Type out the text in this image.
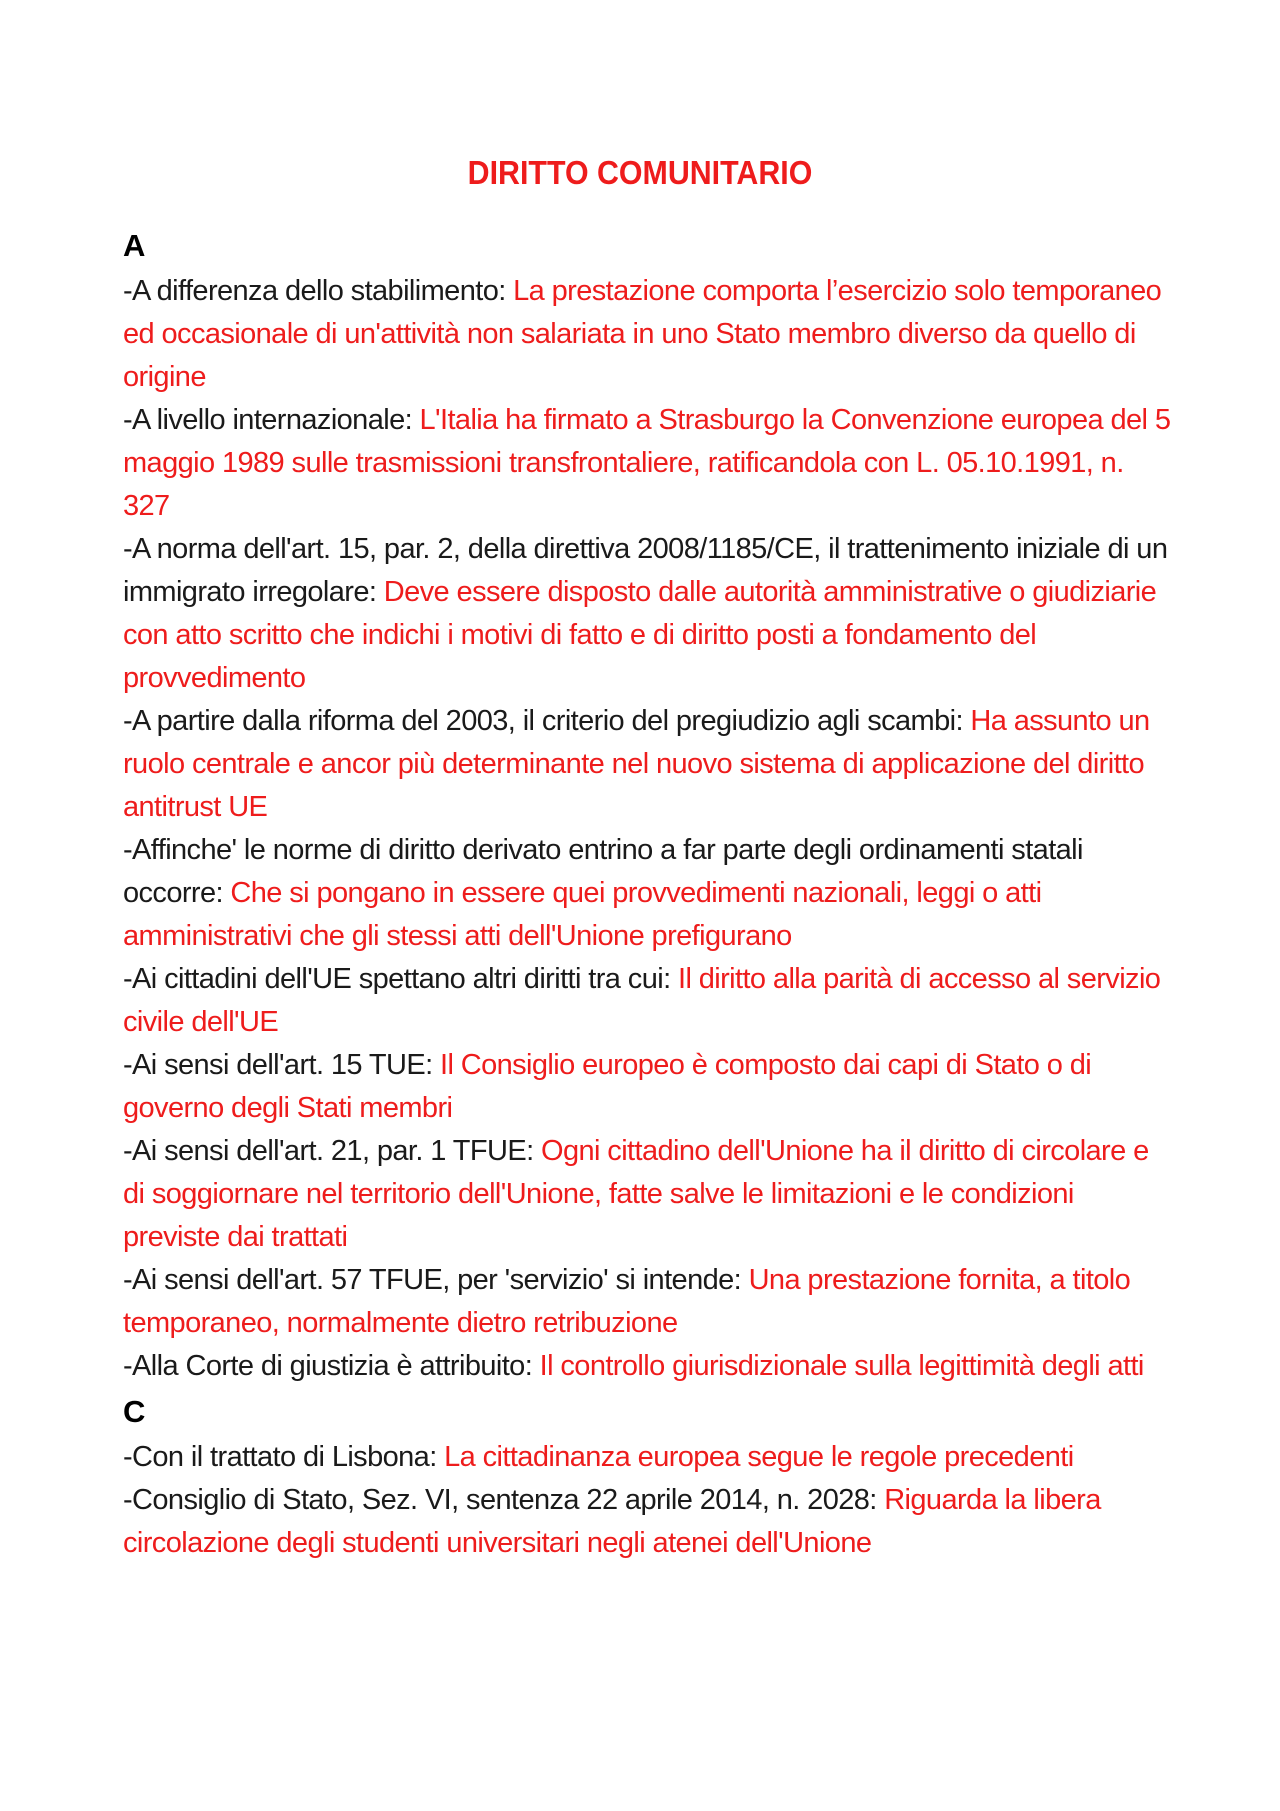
DIRITTO COMUNITARIO
A

-A differenza dello stabilimento: La prestazione comporta l’esercizio solo temporaneo ed occasionale di un'attività non salariata in uno Stato membro diverso da quello di origine

-A livello internazionale: L'Italia ha firmato a Strasburgo la Convenzione europea del 5 maggio 1989 sulle trasmissioni transfrontaliere, ratificandola con L. 05.10.1991, n. 327

-A norma dell'art. 15, par. 2, della direttiva 2008/1185/CE, il trattenimento iniziale di un immigrato irregolare: Deve essere disposto dalle autorità amministrative o giudiziarie con atto scritto che indichi i motivi di fatto e di diritto posti a fondamento del provvedimento

-A partire dalla riforma del 2003, il criterio del pregiudizio agli scambi: Ha assunto un ruolo centrale e ancor più determinante nel nuovo sistema di applicazione del diritto antitrust UE

-Affinche' le norme di diritto derivato entrino a far parte degli ordinamenti statali occorre: Che si pongano in essere quei provvedimenti nazionali, leggi o atti amministrativi che gli stessi atti dell'Unione prefigurano

-Ai cittadini dell'UE spettano altri diritti tra cui: Il diritto alla parità di accesso al servizio civile dell'UE

-Ai sensi dell'art. 15 TUE: Il Consiglio europeo è composto dai capi di Stato o di governo degli Stati membri

-Ai sensi dell'art. 21, par. 1 TFUE: Ogni cittadino dell'Unione ha il diritto di circolare e di soggiornare nel territorio dell'Unione, fatte salve le limitazioni e le condizioni previste dai trattati

-Ai sensi dell'art. 57 TFUE, per 'servizio' si intende: Una prestazione fornita, a titolo temporaneo, normalmente dietro retribuzione

-Alla Corte di giustizia è attribuito: Il controllo giurisdizionale sulla legittimità degli atti

C

-Con il trattato di Lisbona: La cittadinanza europea segue le regole precedenti

-Consiglio di Stato, Sez. VI, sentenza 22 aprile 2014, n. 2028: Riguarda la libera circolazione degli studenti universitari negli atenei dell'Unione
